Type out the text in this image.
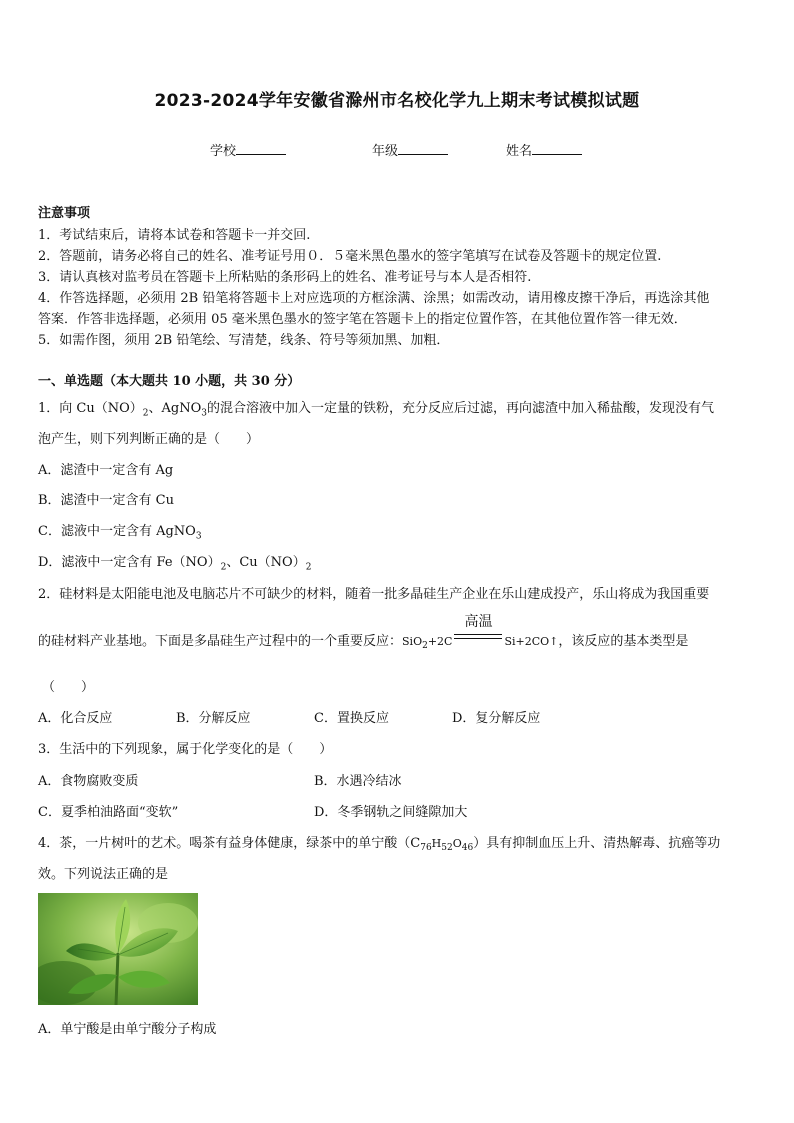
2023-2024学年安徽省滁州市名校化学九上期末考试模拟试题
学校	年级	姓名
注意事项
1．考试结束后，请将本试卷和答题卡一并交回.
2．答题前，请务必将自己的姓名、准考证号用０．５毫米黑色墨水的签字笔填写在试卷及答题卡的规定位置.
3．请认真核对监考员在答题卡上所粘贴的条形码上的姓名、准考证号与本人是否相符.
4．作答选择题，必须用 2B 铅笔将答题卡上对应选项的方框涂满、涂黑；如需改动，请用橡皮擦干净后，再选涂其他
答案．作答非选择题，必须用 05 毫米黑色墨水的签字笔在答题卡上的指定位置作答，在其他位置作答一律无效．
5．如需作图，须用 2B 铅笔绘、写清楚，线条、符号等须加黑、加粗．
一、单选题（本大题共 10 小题，共 30 分）
1．向 $Cu(NO)_2$、AgNO$_3$的混合溶液中加入一定量的铁粉，充分反应后过滤，再向滤渣中加入稀盐酸，发现没有气
泡产生，则下列判断正确的是（　　）
A．滤渣中一定含有 Ag
B．滤渣中一定含有 Cu
C．滤液中一定含有 AgNO$_3$
D．滤液中一定含有 $Fe(NO)_2$、$Cu(NO)_2$
2．硅材料是太阳能电池及电脑芯片不可缺少的材料，随着一批多晶硅生产企业在乐山建成投产，乐山将成为我国重要
的硅材料产业基地。下面是多晶硅生产过程中的一个重要反应：SiO$_2$+2C
高温
Si+2CO↑，该反应的基本类型是
（　　）
A．化合反应	B．分解反应	C．置换反应	D．复分解反应
3．生活中的下列现象，属于化学变化的是（　　）
A．食物腐败变质	B．水遇冷结冰
C．夏季柏油路面“变软”	D．冬季钢轨之间缝隙加大
4．茶，一片树叶的艺术。喝茶有益身体健康，绿茶中的单宁酸$(C_{76}H_{52}O_{46})$具有抑制血压上升、清热解毒、抗癌等功
效。下列说法正确的是
A．单宁酸是由单宁酸分子构成
